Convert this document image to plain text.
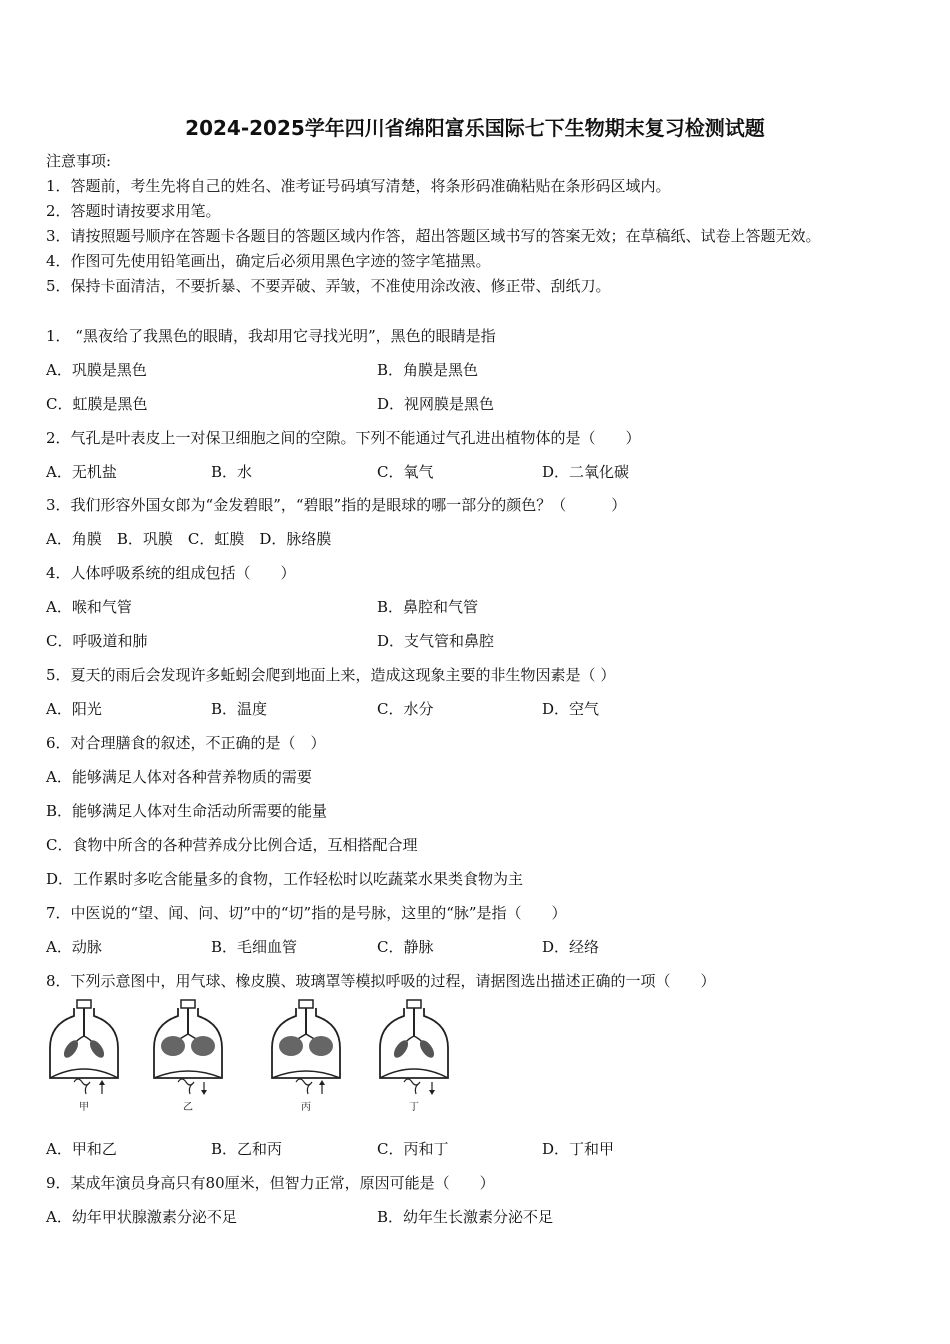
2024-2025学年四川省绵阳富乐国际七下生物期末复习检测试题
注意事项:
1．答题前，考生先将自己的姓名、准考证号码填写清楚，将条形码准确粘贴在条形码区域内。
2．答题时请按要求用笔。
3．请按照题号顺序在答题卡各题目的答题区域内作答，超出答题区域书写的答案无效；在草稿纸、试卷上答题无效。
4．作图可先使用铅笔画出，确定后必须用黑色字迹的签字笔描黑。
5．保持卡面清洁，不要折暴、不要弄破、弄皱，不准使用涂改液、修正带、刮纸刀。
1． “黑夜给了我黑色的眼睛，我却用它寻找光明”，黑色的眼睛是指
A．巩膜是黑色	B．角膜是黑色
C．虹膜是黑色	D．视网膜是黑色
2．气孔是叶表皮上一对保卫细胞之间的空隙。下列不能通过气孔进出植物体的是（　　）
A．无机盐	B．水	C．氧气	D．二氧化碳
3．我们形容外国女郎为“金发碧眼”，“碧眼”指的是眼球的哪一部分的颜色？（　　　）
A．角膜　B．巩膜　C．虹膜　D．脉络膜
4．人体呼吸系统的组成包括（　　）
A．喉和气管	B．鼻腔和气管
C．呼吸道和肺	D．支气管和鼻腔
5．夏天的雨后会发现许多蚯蚓会爬到地面上来，造成这现象主要的非生物因素是（ ）
A．阳光	B．温度	C．水分	D．空气
6．对合理膳食的叙述，不正确的是（　）
A．能够满足人体对各种营养物质的需要
B．能够满足人体对生命活动所需要的能量
C．食物中所含的各种营养成分比例合适，互相搭配合理
D．工作累时多吃含能量多的食物，工作轻松时以吃蔬菜水果类食物为主
7．中医说的“望、闻、问、切”中的“切”指的是号脉，这里的“脉”是指（　　）
A．动脉	B．毛细血管	C．静脉	D．经络
8．下列示意图中，用气球、橡皮膜、玻璃罩等模拟呼吸的过程，请据图选出描述正确的一项（　　）
甲	乙	丙	丁
A．甲和乙	B．乙和丙	C．丙和丁	D．丁和甲
9．某成年演员身高只有80厘米，但智力正常，原因可能是（　　）
A．幼年甲状腺激素分泌不足	B．幼年生长激素分泌不足
